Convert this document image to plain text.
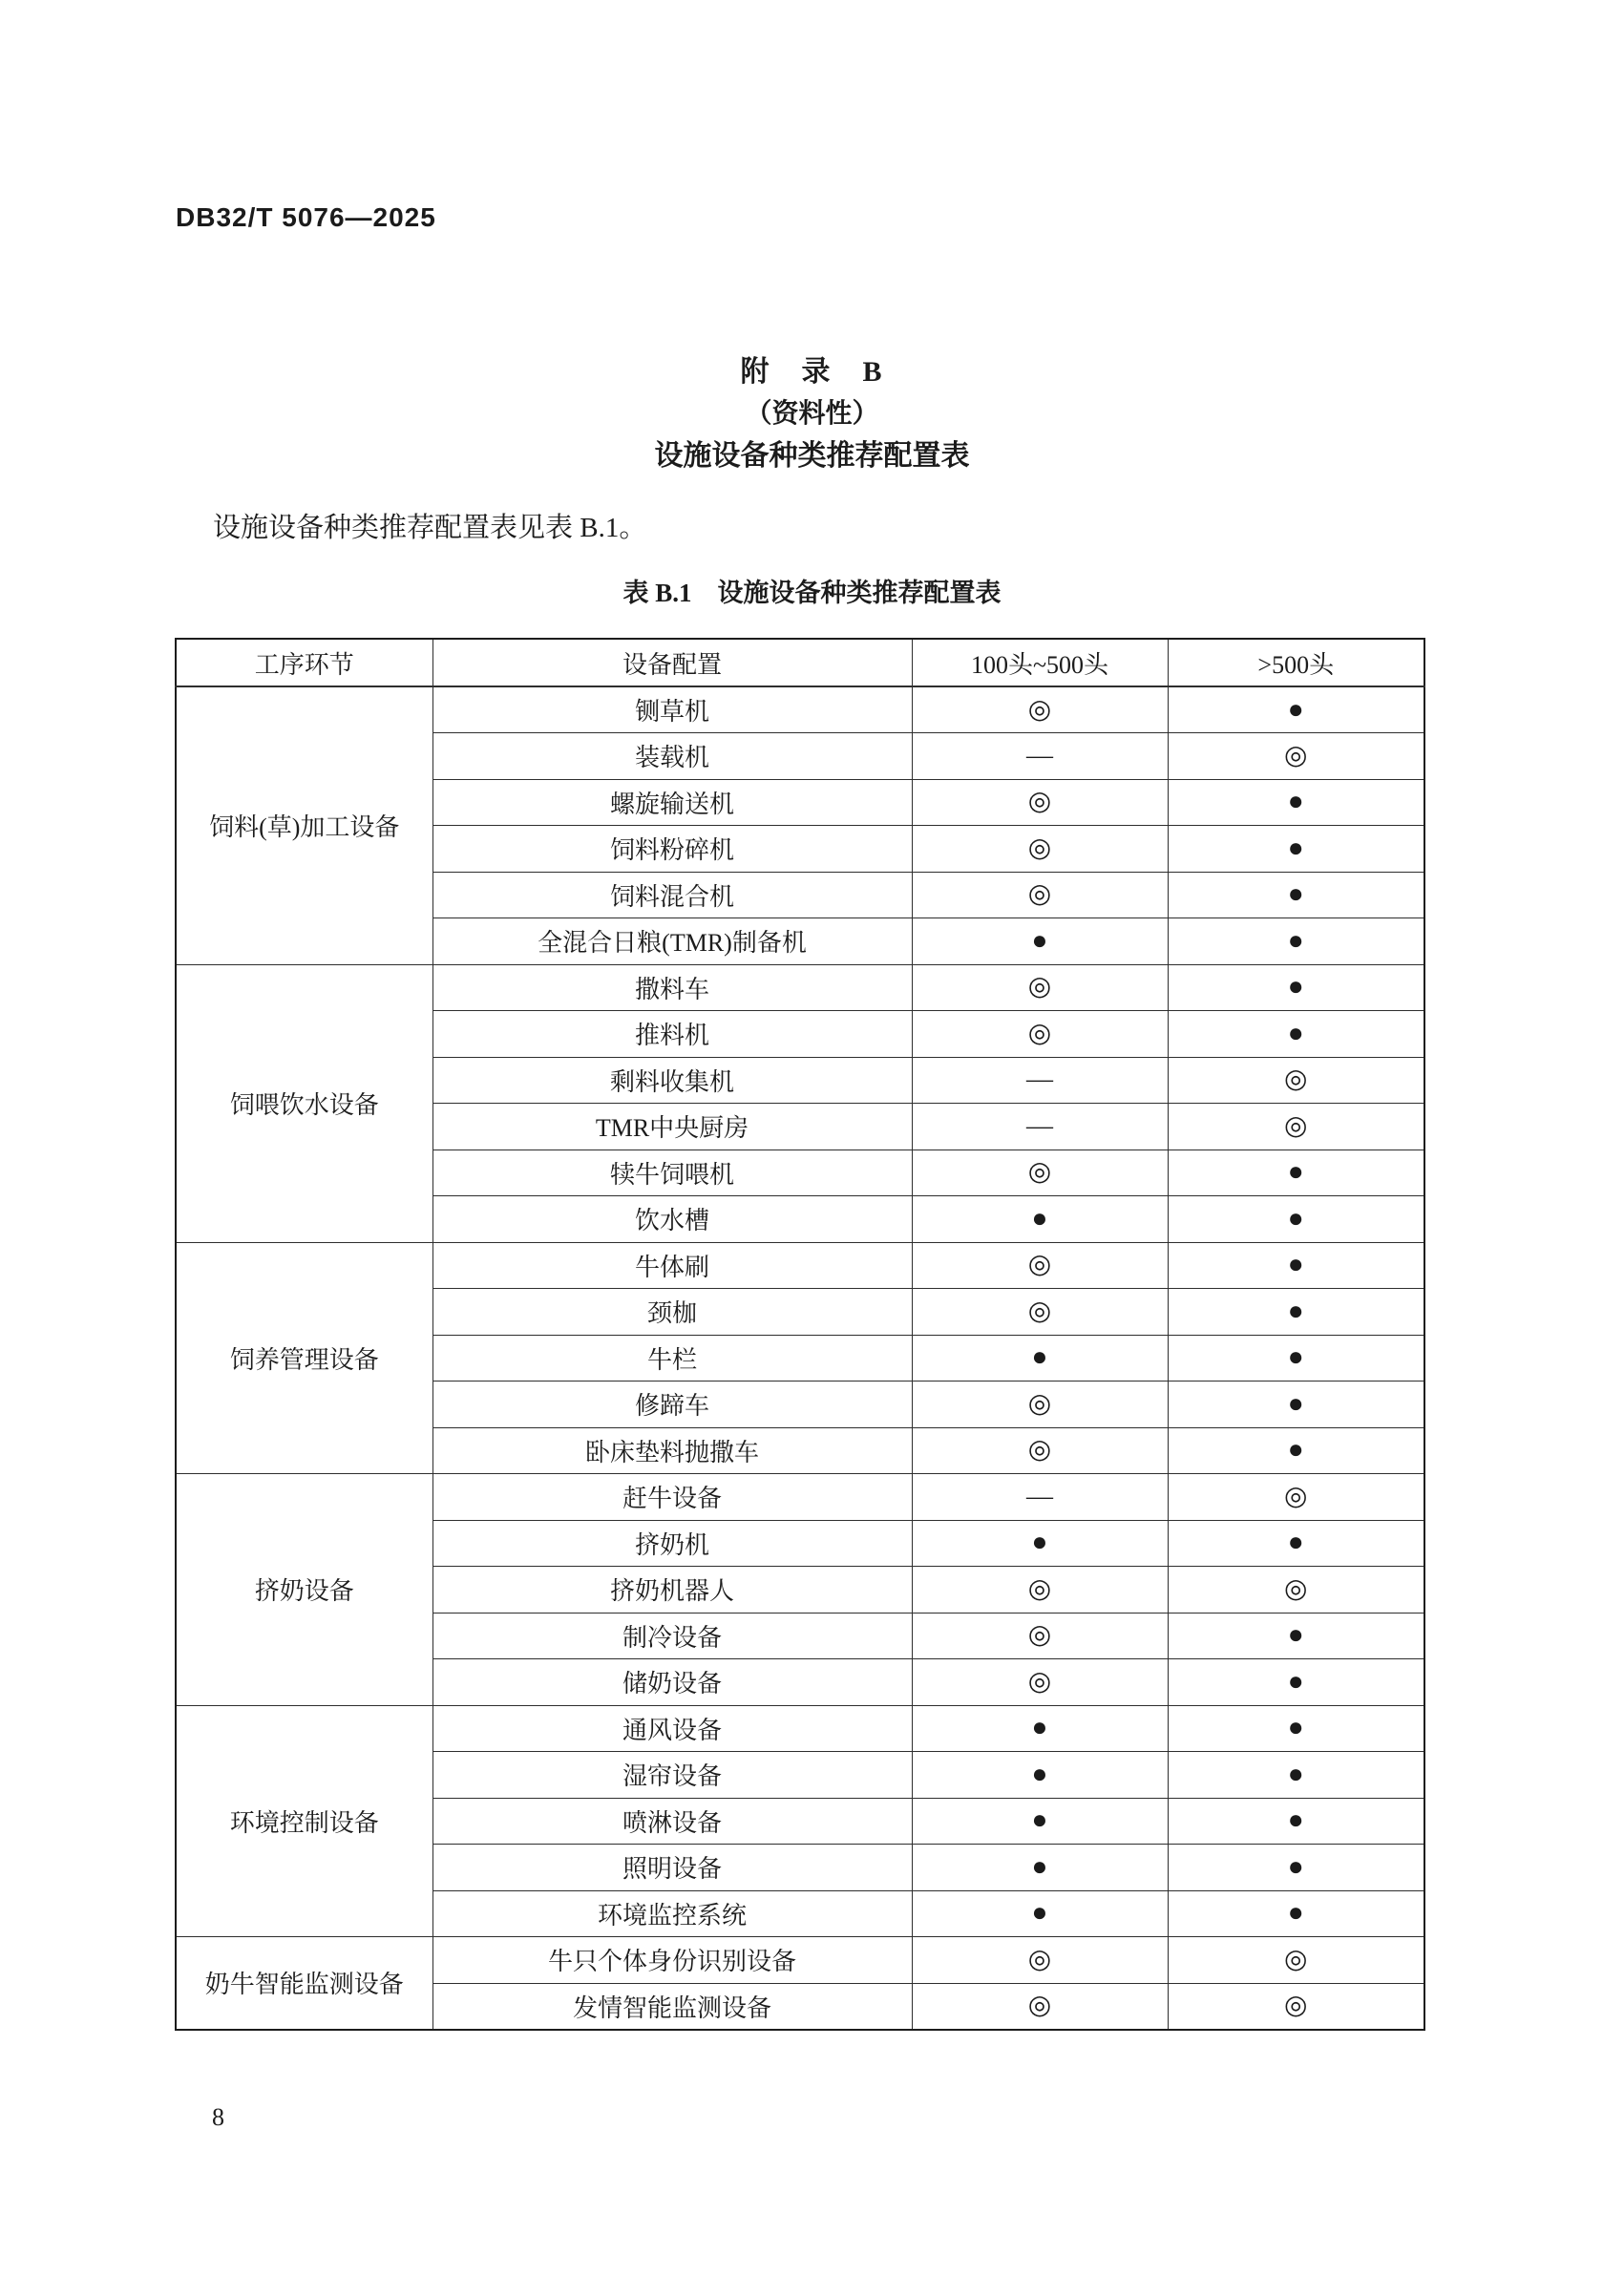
DB32/T 5076—2025
附　录　B
（资料性）
设施设备种类推荐配置表
设施设备种类推荐配置表见表 B.1。
表 B.1　设施设备种类推荐配置表
工序环节	设备配置	100头~500头	>500头
饲料(草)加工设备	铡草机	◎	●
	装载机	—	◎
	螺旋输送机	◎	●
	饲料粉碎机	◎	●
	饲料混合机	◎	●
	全混合日粮(TMR)制备机	●	●
饲喂饮水设备	撒料车	◎	●
	推料机	◎	●
	剩料收集机	—	◎
	TMR中央厨房	—	◎
	犊牛饲喂机	◎	●
	饮水槽	●	●
饲养管理设备	牛体刷	◎	●
	颈枷	◎	●
	牛栏	●	●
	修蹄车	◎	●
	卧床垫料抛撒车	◎	●
挤奶设备	赶牛设备	—	◎
	挤奶机	●	●
	挤奶机器人	◎	◎
	制冷设备	◎	●
	储奶设备	◎	●
环境控制设备	通风设备	●	●
	湿帘设备	●	●
	喷淋设备	●	●
	照明设备	●	●
	环境监控系统	●	●
奶牛智能监测设备	牛只个体身份识别设备	◎	◎
	发情智能监测设备	◎	◎
8
